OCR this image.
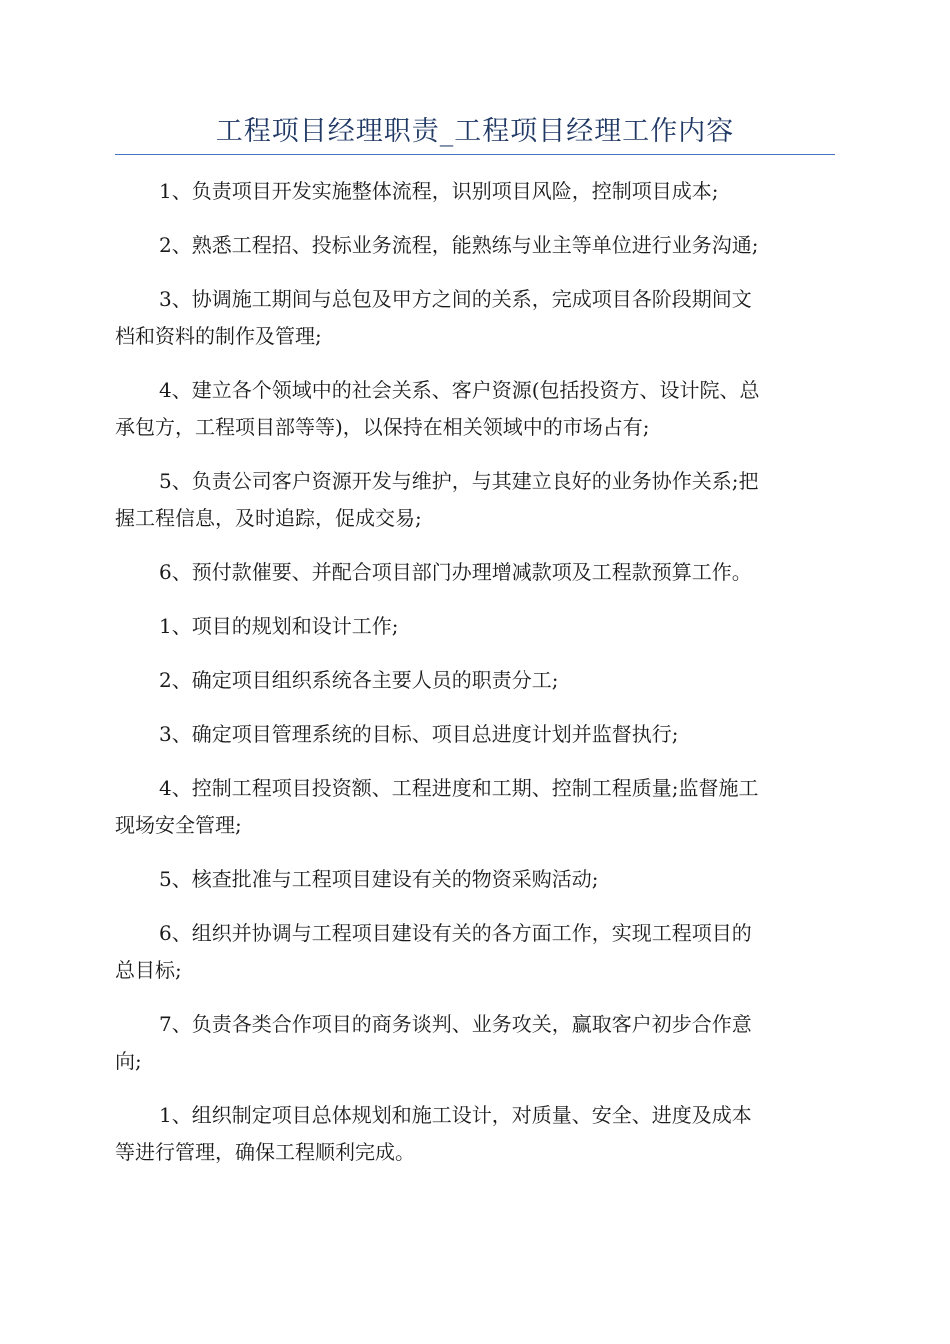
工程项目经理职责_工程项目经理工作内容

1、负责项目开发实施整体流程，识别项目风险，控制项目成本;

2、熟悉工程招、投标业务流程，能熟练与业主等单位进行业务沟通;

3、协调施工期间与总包及甲方之间的关系，完成项目各阶段期间文
档和资料的制作及管理;

4、建立各个领域中的社会关系、客户资源(包括投资方、设计院、总
承包方，工程项目部等等)，以保持在相关领域中的市场占有;

5、负责公司客户资源开发与维护，与其建立良好的业务协作关系;把
握工程信息，及时追踪，促成交易;

6、预付款催要、并配合项目部门办理增减款项及工程款预算工作。

1、项目的规划和设计工作;

2、确定项目组织系统各主要人员的职责分工;

3、确定项目管理系统的目标、项目总进度计划并监督执行;

4、控制工程项目投资额、工程进度和工期、控制工程质量;监督施工
现场安全管理;

5、核查批准与工程项目建设有关的物资采购活动;

6、组织并协调与工程项目建设有关的各方面工作，实现工程项目的
总目标;

7、负责各类合作项目的商务谈判、业务攻关，赢取客户初步合作意
向;

1、组织制定项目总体规划和施工设计，对质量、安全、进度及成本
等进行管理，确保工程顺利完成。
